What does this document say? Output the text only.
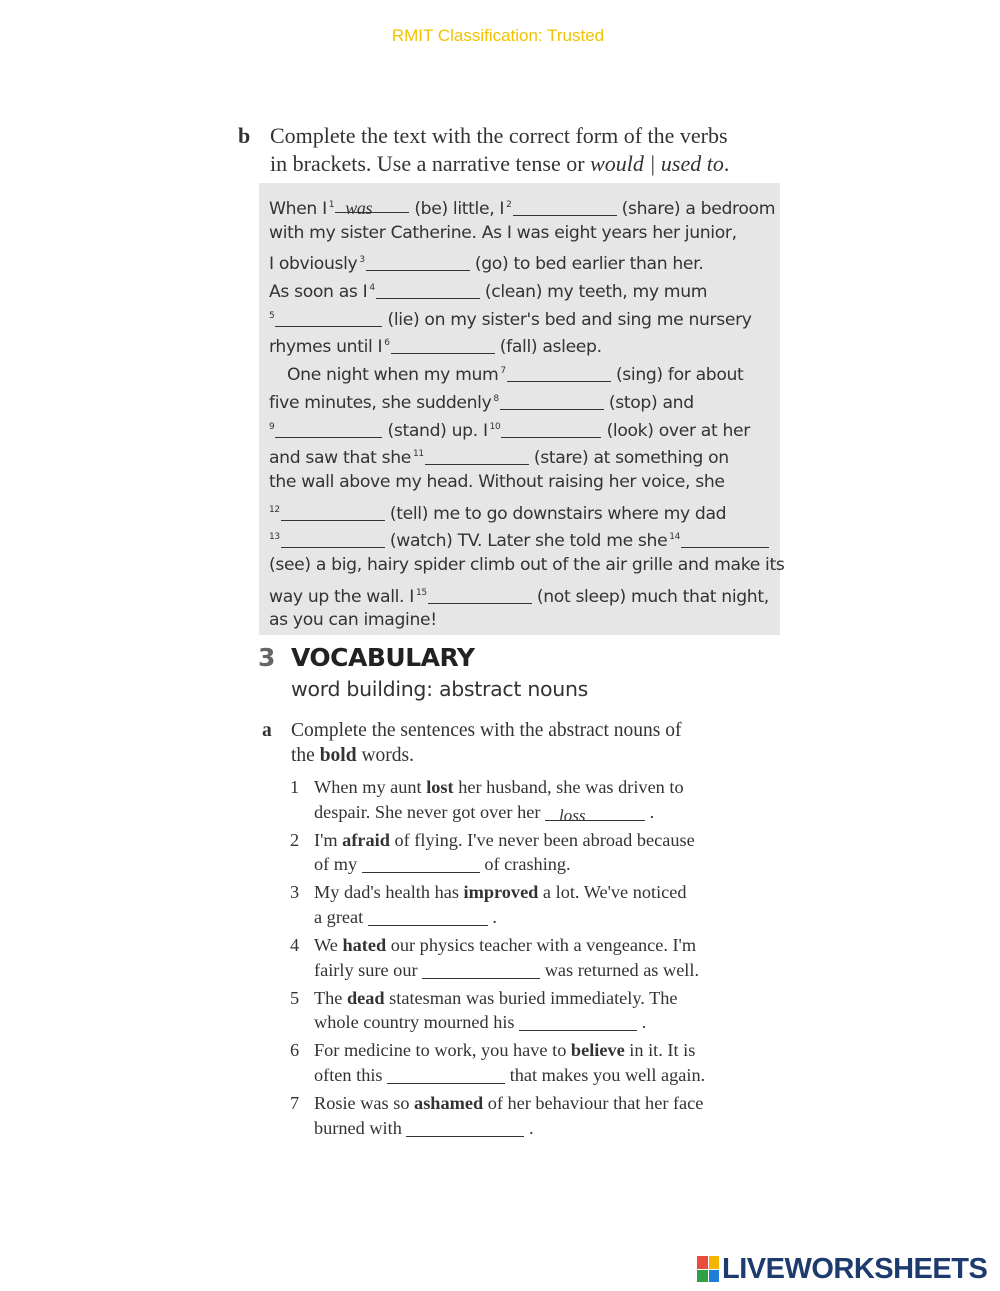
RMIT Classification: Trusted
b Complete the text with the correct form of the verbs
in brackets. Use a narrative tense or would | used to.
When I $^1$ was (be) little, I $^2$	(share) a bedroom
with my sister Catherine. As I was eight years her junior,
I obviously $^3$	(go) to bed earlier than her.
As soon as I $^4$	(clean) my teeth, my mum
$^5$	(lie) on my sister's bed and sing me nursery
rhymes until I $^6$	(fall) asleep.
One night when my mum $^7$	(sing) for about
five minutes, she suddenly $^8$	(stop) and
$^9$	(stand) up. I $^{10}$	(look) over at her
and saw that she $^{11}$	(stare) at something on
the wall above my head. Without raising her voice, she
$^{12}$	(tell) me to go downstairs where my dad
$^{13}$	(watch) TV. Later she told me she $^{14}$
(see) a big, hairy spider climb out of the air grille and make its
way up the wall. I $^{15}$	(not sleep) much that night,
as you can imagine!
3 VOCABULARY
word building: abstract nouns
a Complete the sentences with the abstract nouns of
the bold words.
1 When my aunt lost her husband, she was driven to
despair. She never got over her loss	.
2 I'm afraid of flying. I've never been abroad because
of my	of crashing.
3 My dad's health has improved a lot. We've noticed
a great	.
4 We hated our physics teacher with a vengeance. I'm
fairly sure our	was returned as well.
5 The dead statesman was buried immediately. The
whole country mourned his	.
6 For medicine to work, you have to believe in it. It is
often this	that makes you well again.
7 Rosie was so ashamed of her behaviour that her face
burned with	.
LIVEWORKSHEETS
